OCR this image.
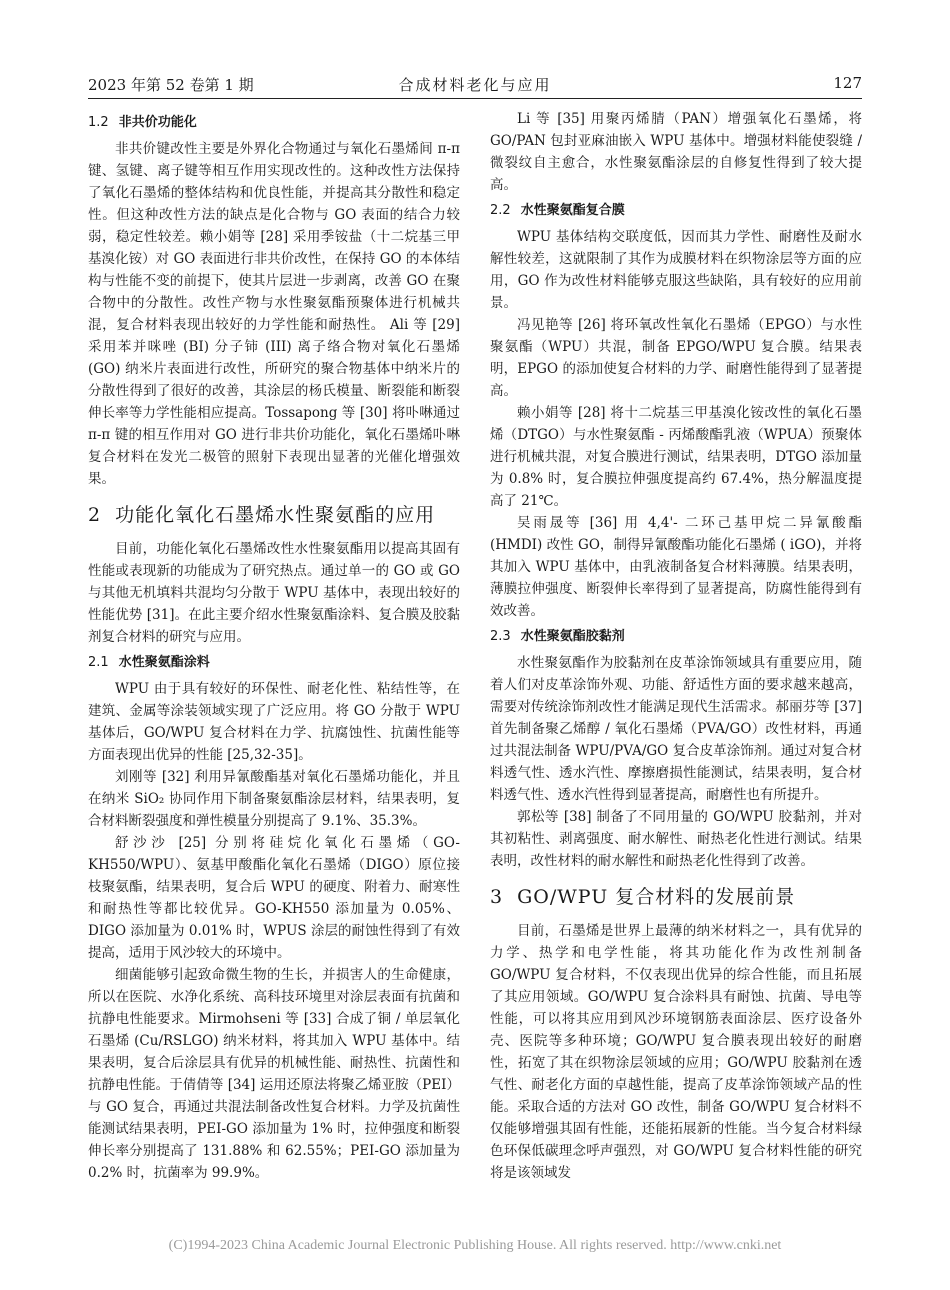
2023 年第 52 卷第 1 期	合成材料老化与应用	127
1.2 非共价功能化

非共价键改性主要是外界化合物通过与氧化石墨烯间 π-π 键、氢键、离子键等相互作用实现改性的。这种改性方法保持了氧化石墨烯的整体结构和优良性能，并提高其分散性和稳定性。但这种改性方法的缺点是化合物与 GO 表面的结合力较弱，稳定性较差。赖小娟等 [28] 采用季铵盐（十二烷基三甲基溴化铵）对 GO 表面进行非共价改性，在保持 GO 的本体结构与性能不变的前提下，使其片层进一步剥离，改善 GO 在聚合物中的分散性。改性产物与水性聚氨酯预聚体进行机械共混，复合材料表现出较好的力学性能和耐热性。 Ali 等 [29] 采用苯并咪唑 (BI) 分子铈 (III) 离子络合物对氧化石墨烯 (GO) 纳米片表面进行改性，所研究的聚合物基体中纳米片的分散性得到了很好的改善，其涂层的杨氏模量、断裂能和断裂伸长率等力学性能相应提高。Tossapong 等 [30] 将卟啉通过 π-π 键的相互作用对 GO 进行非共价功能化，氧化石墨烯卟啉复合材料在发光二极管的照射下表现出显著的光催化增强效果。

2 功能化氧化石墨烯水性聚氨酯的应用

目前，功能化氧化石墨烯改性水性聚氨酯用以提高其固有性能或表现新的功能成为了研究热点。通过单一的 GO 或 GO 与其他无机填料共混均匀分散于 WPU 基体中，表现出较好的性能优势 [31]。在此主要介绍水性聚氨酯涂料、复合膜及胶黏剂复合材料的研究与应用。

2.1 水性聚氨酯涂料

WPU 由于具有较好的环保性、耐老化性、粘结性等，在建筑、金属等涂装领域实现了广泛应用。将 GO 分散于 WPU 基体后，GO/WPU 复合材料在力学、抗腐蚀性、抗菌性能等方面表现出优异的性能 [25,32-35]。

刘刚等 [32] 利用异氰酸酯基对氧化石墨烯功能化，并且在纳米 SiO₂ 协同作用下制备聚氨酯涂层材料，结果表明，复合材料断裂强度和弹性模量分别提高了 9.1%、35.3%。

舒沙沙 [25] 分别将硅烷化氧化石墨烯（GO-KH550/WPU）、氨基甲酸酯化氧化石墨烯（DIGO）原位接枝聚氨酯，结果表明，复合后 WPU 的硬度、附着力、耐寒性和耐热性等都比较优异。GO-KH550 添加量为 0.05%、DIGO 添加量为 0.01% 时，WPUS 涂层的耐蚀性得到了有效提高，适用于风沙较大的环境中。

细菌能够引起致命微生物的生长，并损害人的生命健康，所以在医院、水净化系统、高科技环境里对涂层表面有抗菌和抗静电性能要求。Mirmohseni 等 [33] 合成了铜 / 单层氧化石墨烯 (Cu/RSLGO) 纳米材料，将其加入 WPU 基体中。结果表明，复合后涂层具有优异的机械性能、耐热性、抗菌性和抗静电性能。于倩倩等 [34] 运用还原法将聚乙烯亚胺（PEI）与 GO 复合，再通过共混法制备改性复合材料。力学及抗菌性能测试结果表明，PEI-GO 添加量为 1% 时，拉伸强度和断裂伸长率分别提高了 131.88% 和 62.55%；PEI-GO 添加量为 0.2% 时，抗菌率为 99.9%。

Li 等 [35] 用聚丙烯腈（PAN）增强氧化石墨烯，将 GO/PAN 包封亚麻油嵌入 WPU 基体中。增强材料能使裂缝 / 微裂纹自主愈合，水性聚氨酯涂层的自修复性得到了较大提高。

2.2 水性聚氨酯复合膜

WPU 基体结构交联度低，因而其力学性、耐磨性及耐水解性较差，这就限制了其作为成膜材料在织物涂层等方面的应用，GO 作为改性材料能够克服这些缺陷，具有较好的应用前景。

冯见艳等 [26] 将环氧改性氧化石墨烯（EPGO）与水性聚氨酯（WPU）共混，制备 EPGO/WPU 复合膜。结果表明，EPGO 的添加使复合材料的力学、耐磨性能得到了显著提高。

赖小娟等 [28] 将十二烷基三甲基溴化铵改性的氧化石墨烯（DTGO）与水性聚氨酯 - 丙烯酸酯乳液（WPUA）预聚体进行机械共混，对复合膜进行测试，结果表明，DTGO 添加量为 0.8% 时，复合膜拉伸强度提高约 67.4%，热分解温度提高了 21℃。

吴雨晟等 [36] 用 4,4'- 二环己基甲烷二异氰酸酯 (HMDI) 改性 GO，制得异氰酸酯功能化石墨烯 ( iGO)，并将其加入 WPU 基体中，由乳液制备复合材料薄膜。结果表明，薄膜拉伸强度、断裂伸长率得到了显著提高，防腐性能得到有效改善。

2.3 水性聚氨酯胶黏剂

水性聚氨酯作为胶黏剂在皮革涂饰领域具有重要应用，随着人们对皮革涂饰外观、功能、舒适性方面的要求越来越高，需要对传统涂饰剂改性才能满足现代生活需求。郝丽芬等 [37] 首先制备聚乙烯醇 / 氧化石墨烯（PVA/GO）改性材料，再通过共混法制备 WPU/PVA/GO 复合皮革涂饰剂。通过对复合材料透气性、透水汽性、摩擦磨损性能测试，结果表明，复合材料透气性、透水汽性得到显著提高，耐磨性也有所提升。

郭松等 [38] 制备了不同用量的 GO/WPU 胶黏剂，并对其初粘性、剥离强度、耐水解性、耐热老化性进行测试。结果表明，改性材料的耐水解性和耐热老化性得到了改善。

3 GO/WPU 复合材料的发展前景

目前，石墨烯是世界上最薄的纳米材料之一，具有优异的力学、热学和电学性能，将其功能化作为改性剂制备 GO/WPU 复合材料，不仅表现出优异的综合性能，而且拓展了其应用领域。GO/WPU 复合涂料具有耐蚀、抗菌、导电等性能，可以将其应用到风沙环境钢筋表面涂层、医疗设备外壳、医院等多种环境；GO/WPU 复合膜表现出较好的耐磨性，拓宽了其在织物涂层领域的应用；GO/WPU 胶黏剂在透气性、耐老化方面的卓越性能，提高了皮革涂饰领域产品的性能。采取合适的方法对 GO 改性，制备 GO/WPU 复合材料不仅能够增强其固有性能，还能拓展新的性能。当今复合材料绿色环保低碳理念呼声强烈，对 GO/WPU 复合材料性能的研究将是该领域发

(C)1994-2023 China Academic Journal Electronic Publishing House. All rights reserved. http://www.cnki.net
